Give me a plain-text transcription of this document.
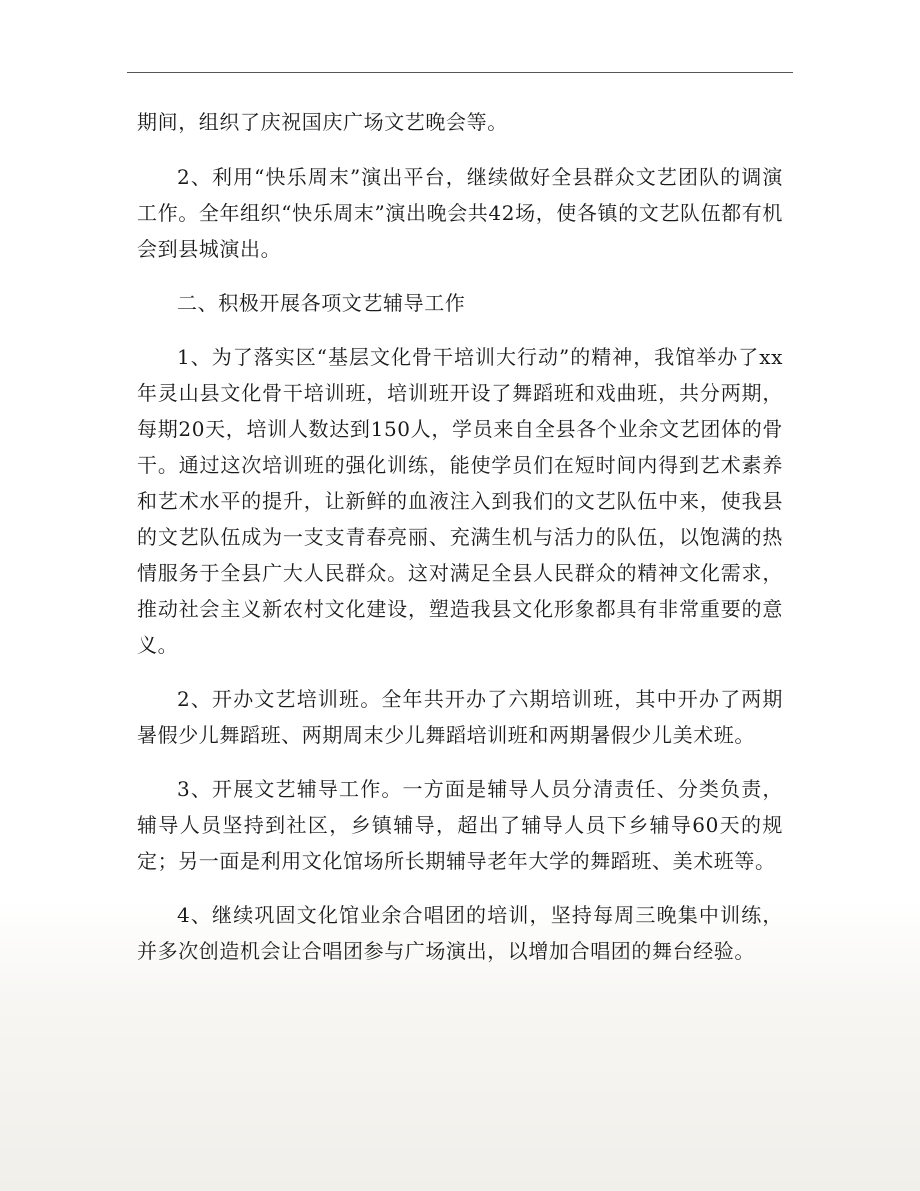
期间，组织了庆祝国庆广场文艺晚会等。

2、利用“快乐周末”演出平台，继续做好全县群众文艺团队的调演工作。全年组织“快乐周末”演出晚会共42场，使各镇的文艺队伍都有机会到县城演出。

二、积极开展各项文艺辅导工作

1、为了落实区“基层文化骨干培训大行动”的精神，我馆举办了xx年灵山县文化骨干培训班，培训班开设了舞蹈班和戏曲班，共分两期，每期20天，培训人数达到150人，学员来自全县各个业余文艺团体的骨干。通过这次培训班的强化训练，能使学员们在短时间内得到艺术素养和艺术水平的提升，让新鲜的血液注入到我们的文艺队伍中来，使我县的文艺队伍成为一支支青春亮丽、充满生机与活力的队伍，以饱满的热情服务于全县广大人民群众。这对满足全县人民群众的精神文化需求，推动社会主义新农村文化建设，塑造我县文化形象都具有非常重要的意义。

2、开办文艺培训班。全年共开办了六期培训班，其中开办了两期暑假少儿舞蹈班、两期周末少儿舞蹈培训班和两期暑假少儿美术班。

3、开展文艺辅导工作。一方面是辅导人员分清责任、分类负责，辅导人员坚持到社区，乡镇辅导，超出了辅导人员下乡辅导60天的规定；另一面是利用文化馆场所长期辅导老年大学的舞蹈班、美术班等。

4、继续巩固文化馆业余合唱团的培训，坚持每周三晚集中训练，并多次创造机会让合唱团参与广场演出，以增加合唱团的舞台经验。
